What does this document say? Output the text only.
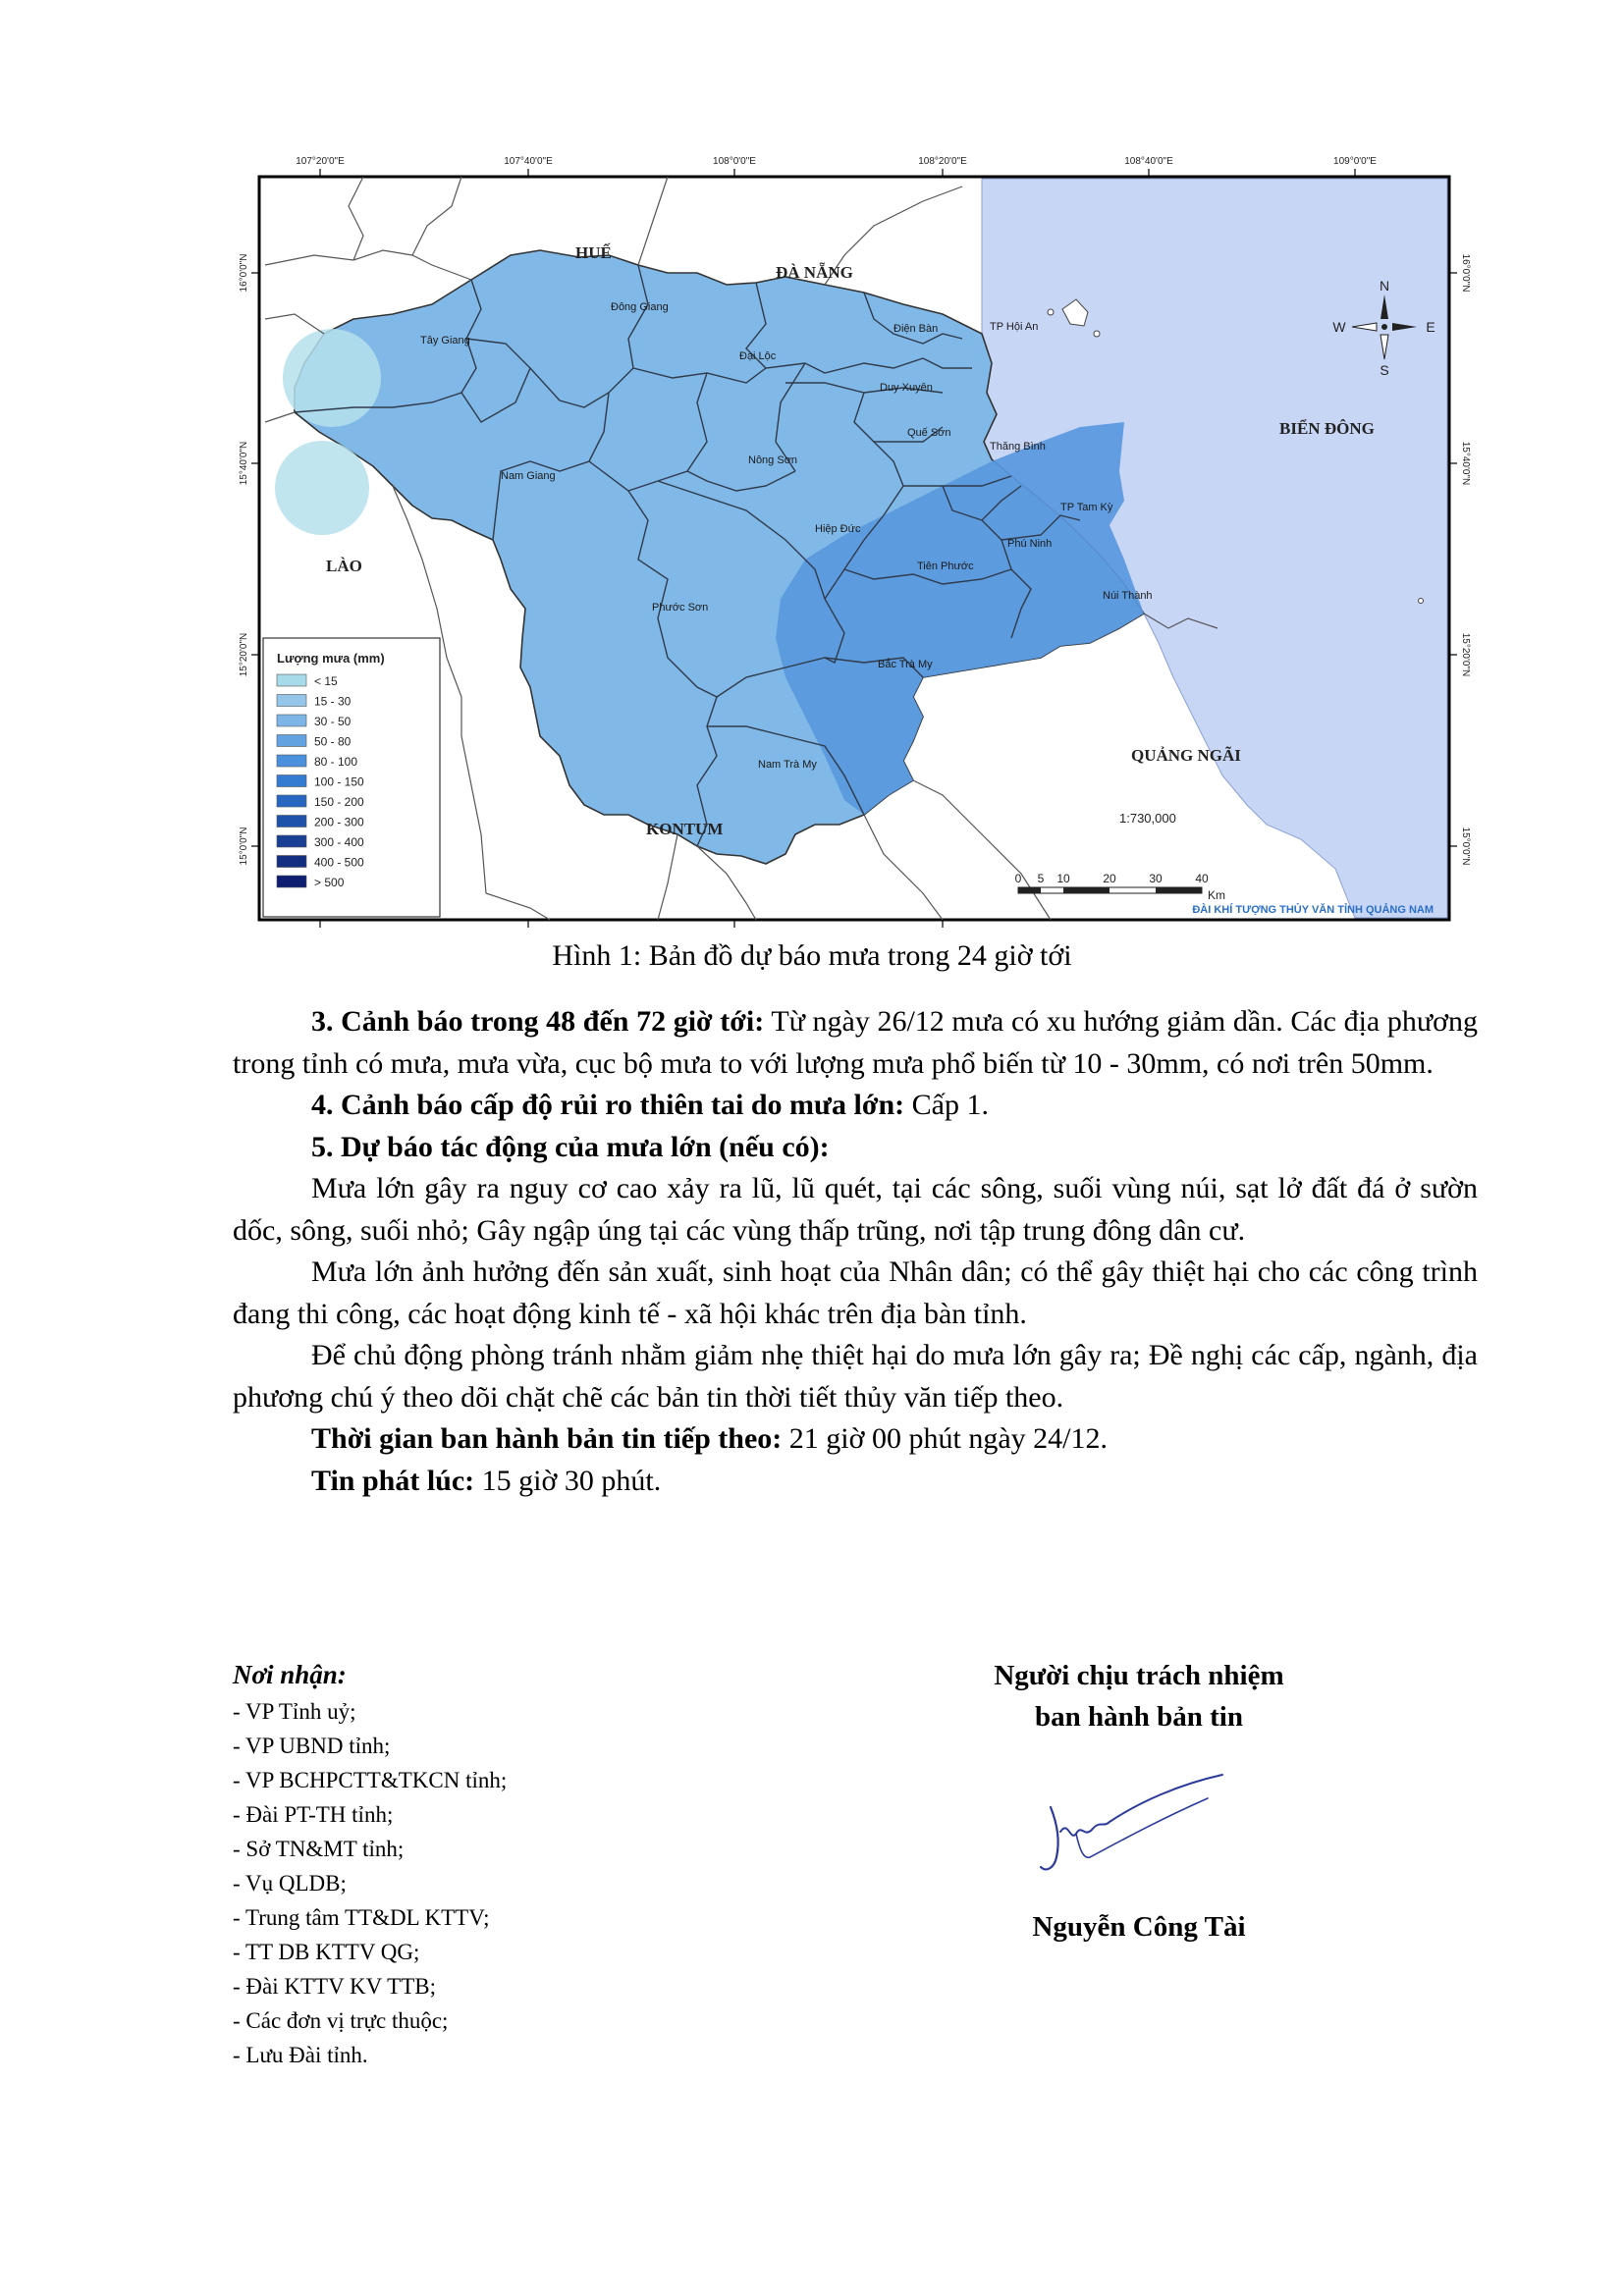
107°20'0"E	107°40'0"E	108°0'0"E	108°20'0"E	108°40'0"E	109°0'0"E
16°0'0"N
15°40'0"N
15°20'0"N
15°0'0"N
16°0'0"N
15°40'0"N
15°20'0"N
15°0'0"N
HUẾ
ĐÀ NẴNG
BIỂN ĐÔNG
LÀO
KONTUM
QUẢNG NGÃI
Tây Giang
Đông Giang
Đại Lộc
Điện Bàn	TP Hội An
Duy Xuyên
Quế Sơn
Thăng Bình
Nam Giang
Nông Sơn
TP Tam Kỳ
Hiệp Đức
Phú Ninh
Tiên Phước
Núi Thành
Phước Sơn
Bắc Trà My
Nam Trà My
N
S
W	E
Lượng mưa (mm)
< 15
15 - 30
30 - 50
50 - 80
80 - 100
100 - 150
150 - 200
200 - 300
300 - 400
400 - 500
> 500
1:730,000
0 5 10	20	30	40
Km
ĐÀI KHÍ TƯỢNG THỦY VĂN TỈNH QUẢNG NAM
Hình 1: Bản đồ dự báo mưa trong 24 giờ tới

3. Cảnh báo trong 48 đến 72 giờ tới: Từ ngày 26/12 mưa có xu hướng giảm dần. Các địa phương trong tỉnh có mưa, mưa vừa, cục bộ mưa to với lượng mưa phổ biến từ 10 - 30mm, có nơi trên 50mm.

4. Cảnh báo cấp độ rủi ro thiên tai do mưa lớn: Cấp 1.

5. Dự báo tác động của mưa lớn (nếu có):

Mưa lớn gây ra nguy cơ cao xảy ra lũ, lũ quét, tại các sông, suối vùng núi, sạt lở đất đá ở sườn dốc, sông, suối nhỏ; Gây ngập úng tại các vùng thấp trũng, nơi tập trung đông dân cư.

Mưa lớn ảnh hưởng đến sản xuất, sinh hoạt của Nhân dân; có thể gây thiệt hại cho các công trình đang thi công, các hoạt động kinh tế - xã hội khác trên địa bàn tỉnh.

Để chủ động phòng tránh nhằm giảm nhẹ thiệt hại do mưa lớn gây ra; Đề nghị các cấp, ngành, địa phương chú ý theo dõi chặt chẽ các bản tin thời tiết thủy văn tiếp theo.

Thời gian ban hành bản tin tiếp theo: 21 giờ 00 phút ngày 24/12.

Tin phát lúc: 15 giờ 30 phút.

Nơi nhận:
- VP Tỉnh uỷ;
- VP UBND tỉnh;
- VP BCHPCTT&TKCN tỉnh;
- Đài PT-TH tỉnh;
- Sở TN&MT tỉnh;
- Vụ QLDB;
- Trung tâm TT&DL KTTV;
- TT DB KTTV QG;
- Đài KTTV KV TTB;
- Các đơn vị trực thuộc;
- Lưu Đài tỉnh.
Người chịu trách nhiệm
ban hành bản tin
Nguyễn Công Tài
